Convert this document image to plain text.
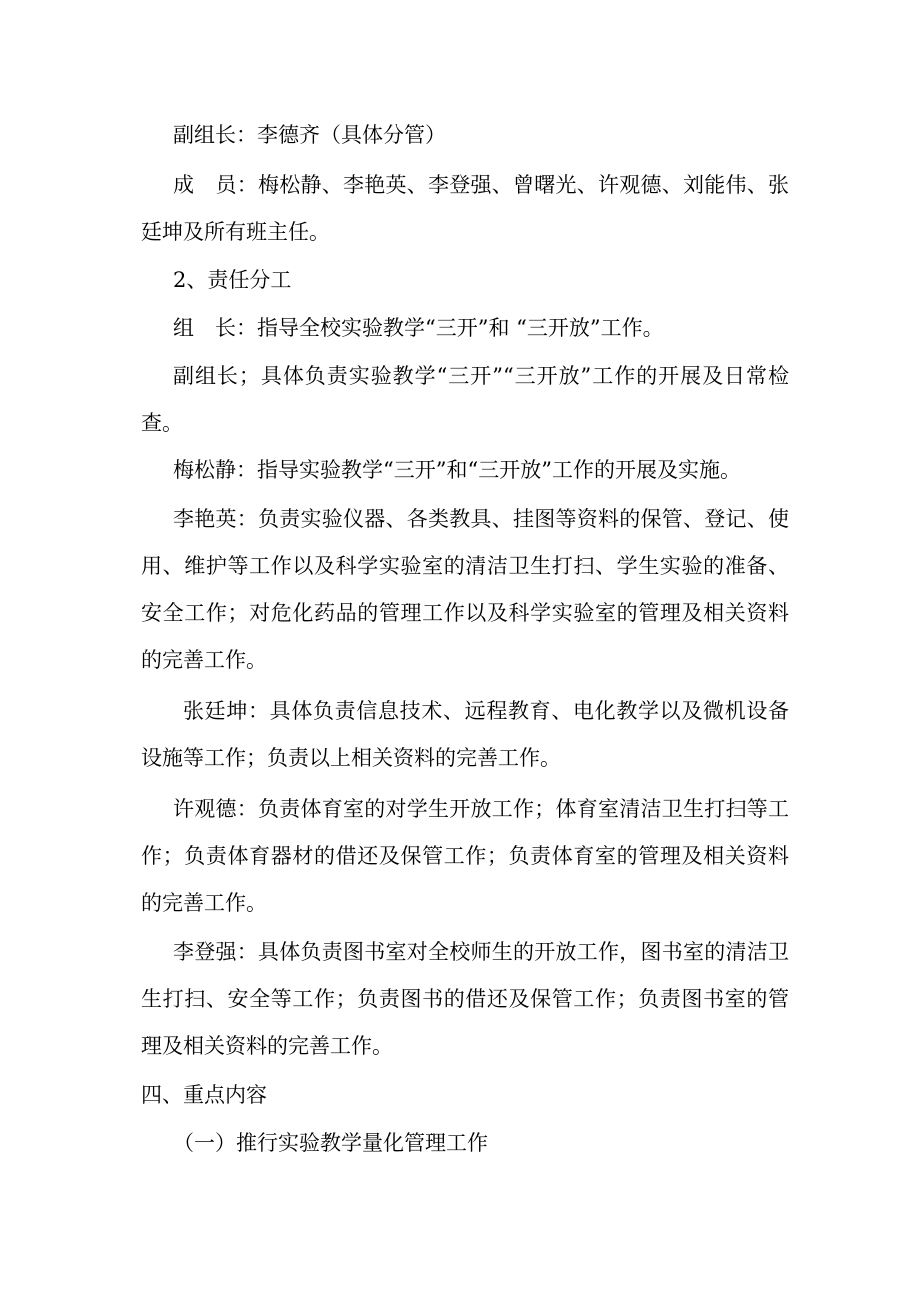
副组长：李德齐（具体分管）

成　员：梅松静、李艳英、李登强、曾曙光、许观德、刘能伟、张廷坤及所有班主任。

2、责任分工

组　长：指导全校实验教学“三开”和 “三开放”工作。

副组长；具体负责实验教学“三开”“三开放”工作的开展及日常检查。

梅松静：指导实验教学“三开”和“三开放”工作的开展及实施。

李艳英：负责实验仪器、各类教具、挂图等资料的保管、登记、使用、维护等工作以及科学实验室的清洁卫生打扫、学生实验的准备、安全工作；对危化药品的管理工作以及科学实验室的管理及相关资料的完善工作。

张廷坤：具体负责信息技术、远程教育、电化教学以及微机设备设施等工作；负责以上相关资料的完善工作。

许观德：负责体育室的对学生开放工作；体育室清洁卫生打扫等工作；负责体育器材的借还及保管工作；负责体育室的管理及相关资料的完善工作。

李登强：具体负责图书室对全校师生的开放工作，图书室的清洁卫生打扫、安全等工作；负责图书的借还及保管工作；负责图书室的管理及相关资料的完善工作。

四、重点内容

（一）推行实验教学量化管理工作
